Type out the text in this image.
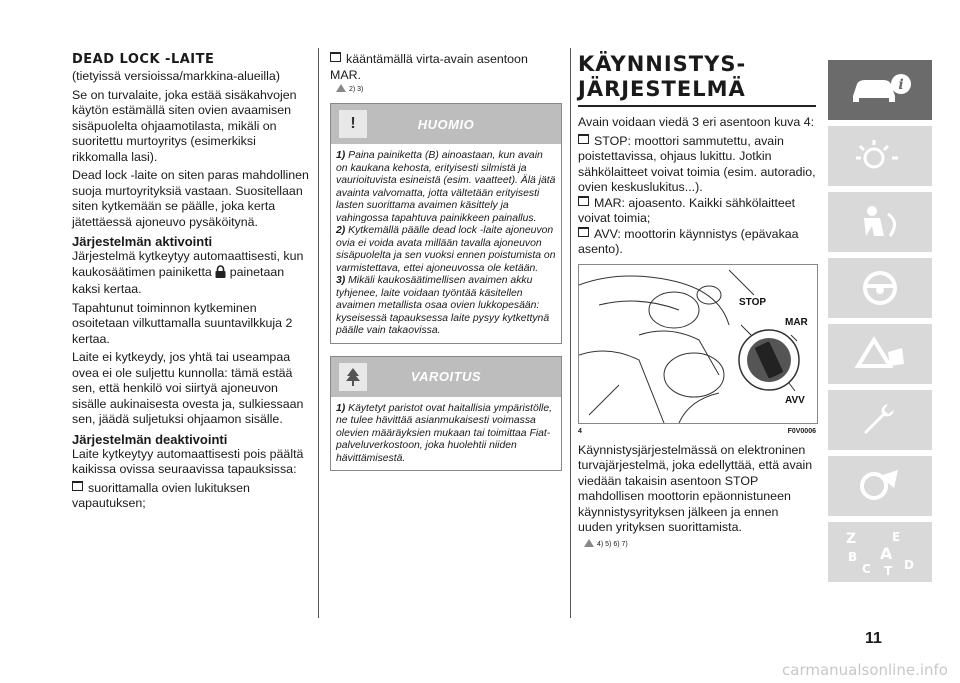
DEAD LOCK -LAITE

(tietyissä versioissa/markkina-alueilla)

Se on turvalaite, joka estää sisäkahvojen käytön estämällä siten ovien avaamisen sisäpuolelta ohjaamotilasta, mikäli on suoritettu murtoyritys (esimerkiksi rikkomalla lasi).

Dead lock -laite on siten paras mahdollinen suoja murtoyrityksiä vastaan. Suositellaan siten kytkemään se päälle, joka kerta jätettäessä ajoneuvo pysäköitynä.

Järjestelmän aktivointi

Järjestelmä kytkeytyy automaattisesti, kun kaukosäätimen painiketta painetaan kaksi kertaa.

Tapahtunut toiminnon kytkeminen osoitetaan vilkuttamalla suuntavilkkuja 2 kertaa.

Laite ei kytkeydy, jos yhtä tai useampaa ovea ei ole suljettu kunnolla: tämä estää sen, että henkilö voi siirtyä ajoneuvon sisälle aukinaisesta ovesta ja, sulkiessaan sen, jäädä suljetuksi ohjaamon sisälle.

Järjestelmän deaktivointi

Laite kytkeytyy automaattisesti pois päältä kaikissa ovissa seuraavissa tapauksissa:

suorittamalla ovien lukituksen vapautuksen;
kääntämällä virta-avain asentoon MAR.
2) 3)
!	HUOMIO
1) Paina painiketta (B) ainoastaan, kun avain on kaukana kehosta, erityisesti silmistä ja vaurioituvista esineistä (esim. vaatteet). Älä jätä avainta valvomatta, jotta vältetään erityisesti lasten suorittama avaimen käsittely ja vahingossa tapahtuva painikkeen painallus.
2) Kytkemällä päälle dead lock -laite ajoneuvon ovia ei voida avata millään tavalla ajoneuvon sisäpuolelta ja sen vuoksi ennen poistumista on varmistettava, ettei ajoneuvossa ole ketään.
3) Mikäli kaukosäätimellisen avaimen akku tyhjenee, laite voidaan työntää käsitellen avaimen metallista osaa ovien lukkopesään: kyseisessä tapauksessa laite pysyy kytkettynä päälle vain takaovissa.
VAROITUS
1) Käytetyt paristot ovat haitallisia ympäristölle, ne tulee hävittää asianmukaisesti voimassa olevien määräyksien mukaan tai toimittaa Fiat-palveluverkostoon, joka huolehtii niiden hävittämisestä.
KÄYNNISTYS-
JÄRJESTELMÄ

Avain voidaan viedä 3 eri asentoon kuva 4:

STOP: moottori sammutettu, avain poistettavissa, ohjaus lukittu. Jotkin sähkölaitteet voivat toimia (esim. autoradio, ovien keskuslukitus...).
MAR: ajoasento. Kaikki sähkölaitteet voivat toimia;
AVV: moottorin käynnistys (epävakaa asento).
STOP
MAR
AVV
4	F0V0006

Käynnistysjärjestelmässä on elektroninen turvajärjestelmä, joka edellyttää, että avain viedään takaisin asentoon STOP mahdollisen moottorin epäonnistuneen käynnistysyrityksen jälkeen ja ennen uuden yrityksen suorittamista.

4) 5) 6) 7)
i
Z	E
B A
C T D
11
carmanualsonline.info
